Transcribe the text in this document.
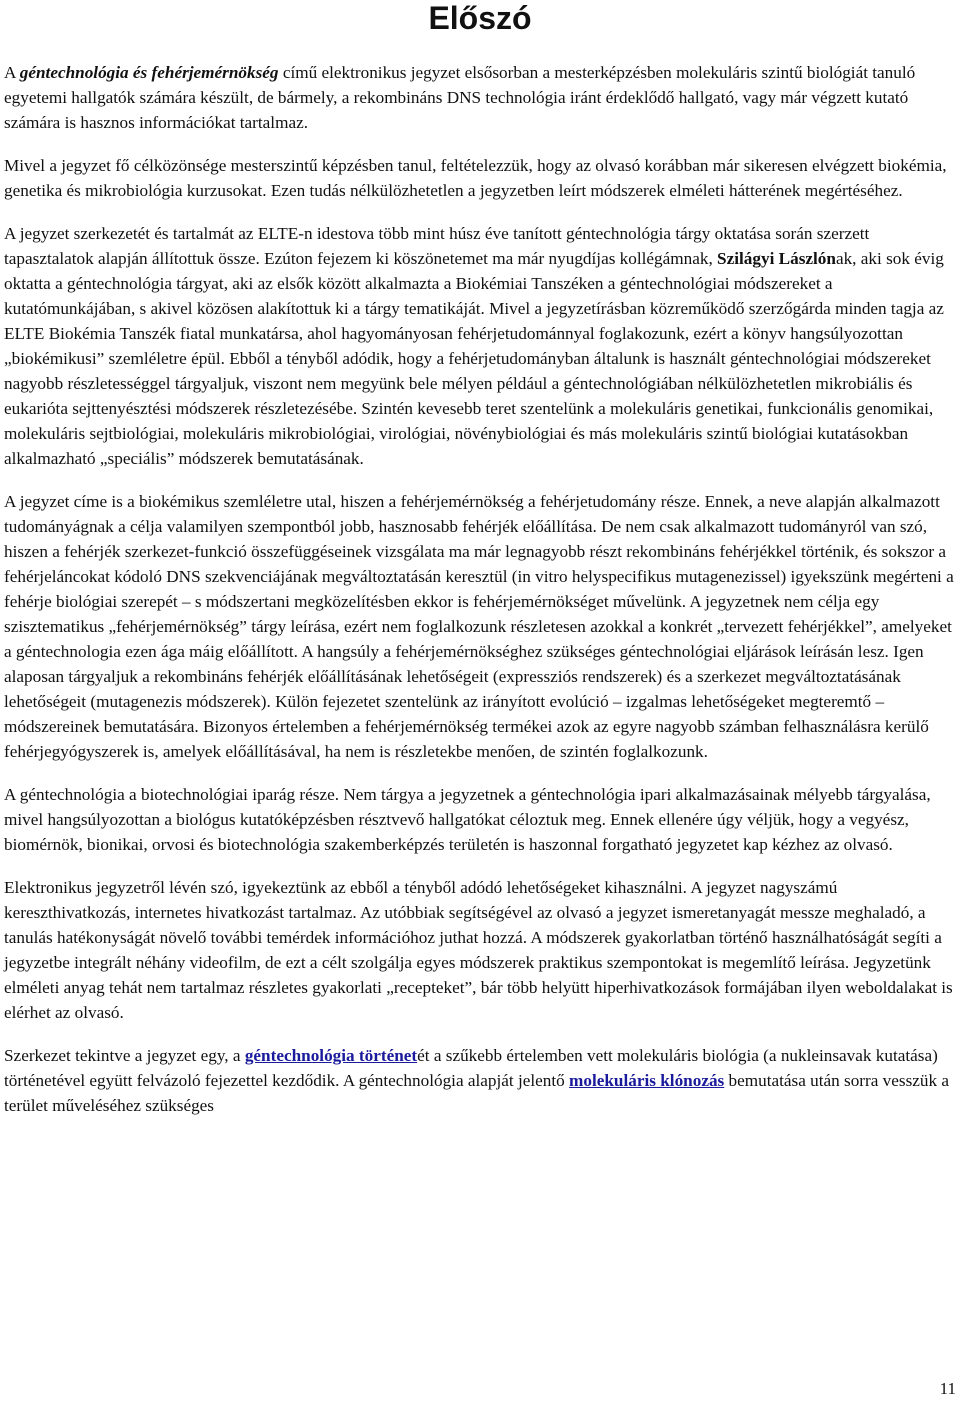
Előszó

A géntechnológia és fehérjemérnökség című elektronikus jegyzet elsősorban a mesterképzésben molekuláris szintű biológiát tanuló egyetemi hallgatók számára készült, de bármely, a rekombináns DNS technológia iránt érdeklődő hallgató, vagy már végzett kutató számára is hasznos információkat tartalmaz.

Mivel a jegyzet fő célközönsége mesterszintű képzésben tanul, feltételezzük, hogy az olvasó korábban már sikeresen elvégzett biokémia, genetika és mikrobiológia kurzusokat. Ezen tudás nélkülözhetetlen a jegyzetben leírt módszerek elméleti hátterének megértéséhez.

A jegyzet szerkezetét és tartalmát az ELTE-n idestova több mint húsz éve tanított géntechnológia tárgy oktatása során szerzett tapasztalatok alapján állítottuk össze. Ezúton fejezem ki köszönetemet ma már nyugdíjas kollégámnak, Szilágyi Lászlónak, aki sok évig oktatta a géntechnológia tárgyat, aki az elsők között alkalmazta a Biokémiai Tanszéken a géntechnológiai módszereket a kutatómunkájában, s akivel közösen alakítottuk ki a tárgy tematikáját. Mivel a jegyzetírásban közreműködő szerzőgárda minden tagja az ELTE Biokémia Tanszék fiatal munkatársa, ahol hagyományosan fehérjetudománnyal foglakozunk, ezért a könyv hangsúlyozottan „biokémikusi” szemléletre épül. Ebből a tényből adódik, hogy a fehérjetudományban általunk is használt géntechnológiai módszereket nagyobb részletességgel tárgyaljuk, viszont nem megyünk bele mélyen például a géntechnológiában nélkülözhetetlen mikrobiális és eukarióta sejttenyésztési módszerek részletezésébe. Szintén kevesebb teret szentelünk a molekuláris genetikai, funkcionális genomikai, molekuláris sejtbiológiai, molekuláris mikrobiológiai, virológiai, növénybiológiai és más molekuláris szintű biológiai kutatásokban alkalmazható „speciális” módszerek bemutatásának.

A jegyzet címe is a biokémikus szemléletre utal, hiszen a fehérjemérnökség a fehérjetudomány része. Ennek, a neve alapján alkalmazott tudományágnak a célja valamilyen szempontból jobb, hasznosabb fehérjék előállítása. De nem csak alkalmazott tudományról van szó, hiszen a fehérjék szerkezet-funkció összefüggéseinek vizsgálata ma már legnagyobb részt rekombináns fehérjékkel történik, és sokszor a fehérjeláncokat kódoló DNS szekvenciájának megváltoztatásán keresztül (in vitro helyspecifikus mutagenezissel) igyekszünk megérteni a fehérje biológiai szerepét – s módszertani megközelítésben ekkor is fehérjemérnökséget művelünk. A jegyzetnek nem célja egy szisztematikus „fehérjemérnökség” tárgy leírása, ezért nem foglalkozunk részletesen azokkal a konkrét „tervezett fehérjékkel”, amelyeket a géntechnologia ezen ága máig előállított. A hangsúly a fehérjemérnökséghez szükséges géntechnológiai eljárások leírásán lesz. Igen alaposan tárgyaljuk a rekombináns fehérjék előállításának lehetőségeit (expressziós rendszerek) és a szerkezet megváltoztatásának lehetőségeit (mutagenezis módszerek). Külön fejezetet szentelünk az irányított evolúció – izgalmas lehetőségeket megteremtő – módszereinek bemutatására. Bizonyos értelemben a fehérjemérnökség termékei azok az egyre nagyobb számban felhasználásra kerülő fehérjegyógyszerek is, amelyek előállításával, ha nem is részletekbe menően, de szintén foglalkozunk.

A géntechnológia a biotechnológiai iparág része. Nem tárgya a jegyzetnek a géntechnológia ipari alkalmazásainak mélyebb tárgyalása, mivel hangsúlyozottan a biológus kutatóképzésben résztvevő hallgatókat céloztuk meg. Ennek ellenére úgy véljük, hogy a vegyész, biomérnök, bionikai, orvosi és biotechnológia szakemberképzés területén is haszonnal forgatható jegyzetet kap kézhez az olvasó.

Elektronikus jegyzetről lévén szó, igyekeztünk az ebből a tényből adódó lehetőségeket kihasználni. A jegyzet nagyszámú kereszthivatkozás, internetes hivatkozást tartalmaz. Az utóbbiak segítségével az olvasó a jegyzet ismeretanyagát messze meghaladó, a tanulás hatékonyságát növelő további temérdek információhoz juthat hozzá. A módszerek gyakorlatban történő használhatóságát segíti a jegyzetbe integrált néhány videofilm, de ezt a célt szolgálja egyes módszerek praktikus szempontokat is megemlítő leírása. Jegyzetünk elméleti anyag tehát nem tartalmaz részletes gyakorlati „recepteket”, bár több helyütt hiperhivatkozások formájában ilyen weboldalakat is elérhet az olvasó.

Szerkezet tekintve a jegyzet egy, a géntechnológia történetét a szűkebb értelemben vett molekuláris biológia (a nukleinsavak kutatása) történetével együtt felvázoló fejezettel kezdődik. A géntechnológia alapját jelentő molekuláris klónozás bemutatása után sorra vesszük a terület műveléséhez szükséges

11
